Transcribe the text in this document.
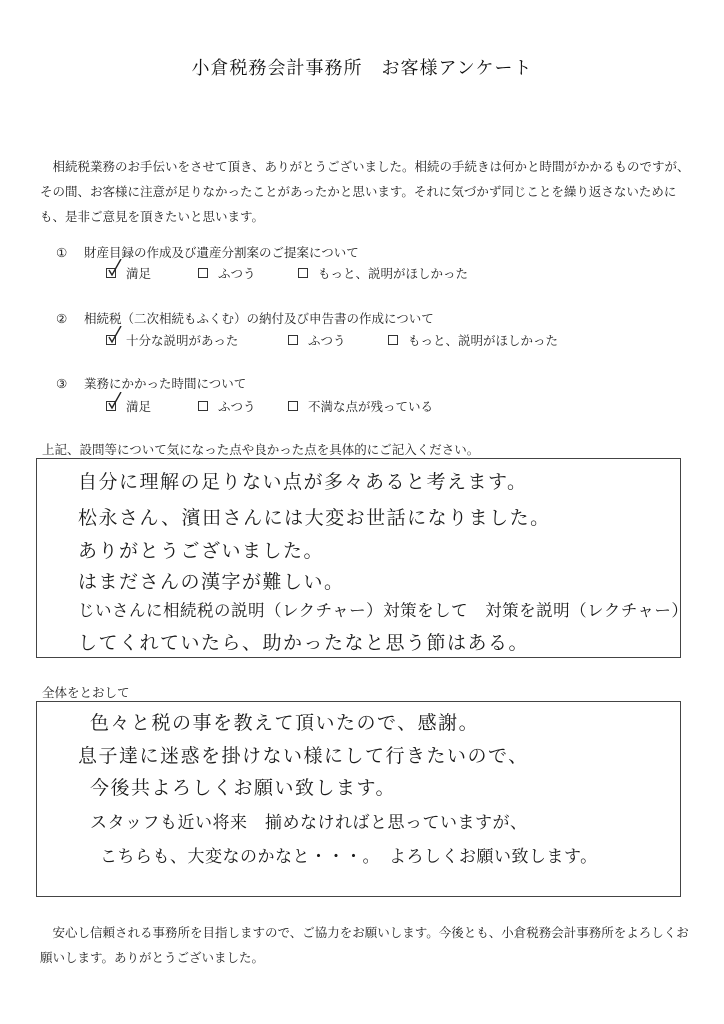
小倉税務会計事務所　お客様アンケート
　相続税業務のお手伝いをさせて頂き、ありがとうございました。相続の手続きは何かと時間がかかるものですが、その間、お客様に注意が足りなかったことがあったかと思います。それに気づかず同じことを繰り返さないためにも、是非ご意見を頂きたいと思います。
① 財産目録の作成及び遺産分割案のご提案について
満足	ふつう	もっと、説明がほしかった
② 相続税（二次相続もふくむ）の納付及び申告書の作成について
十分な説明があった	ふつう	もっと、説明がほしかった
③ 業務にかかった時間について
満足	ふつう	不満な点が残っている
上記、設問等について気になった点や良かった点を具体的にご記入ください。
自分に理解の足りない点が多々あると考えます。
松永さん、濱田さんには大変お世話になりました。
ありがとうございました。
はまださんの漢字が難しい。
じいさんに相続税の説明（レクチャー）対策をして　対策を説明（レクチャー）
してくれていたら、助かったなと思う節はある。
全体をとおして
色々と税の事を教えて頂いたので、感謝。
息子達に迷惑を掛けない様にして行きたいので、
今後共よろしくお願い致します。
スタッフも近い将来　揃めなければと思っていますが、
こちらも、大変なのかなと・・・。　よろしくお願い致します。
　安心し信頼される事務所を目指しますので、ご協力をお願いします。今後とも、小倉税務会計事務所をよろしくお願いします。ありがとうございました。
